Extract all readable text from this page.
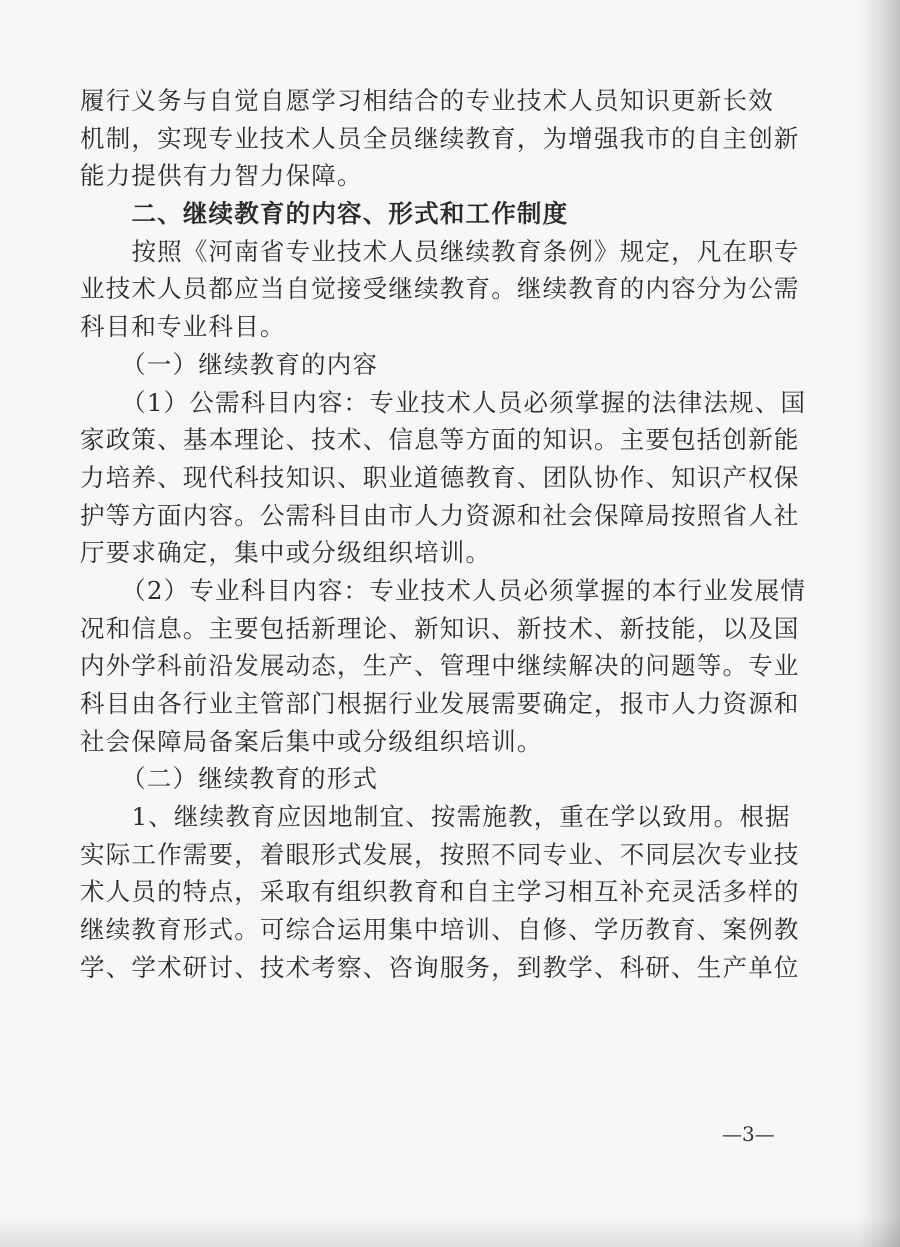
履行义务与自觉自愿学习相结合的专业技术人员知识更新长效
机制，实现专业技术人员全员继续教育，为增强我市的自主创新
能力提供有力智力保障。
二、继续教育的内容、形式和工作制度
按照《河南省专业技术人员继续教育条例》规定，凡在职专
业技术人员都应当自觉接受继续教育。继续教育的内容分为公需
科目和专业科目。
（一）继续教育的内容
（1）公需科目内容：专业技术人员必须掌握的法律法规、国
家政策、基本理论、技术、信息等方面的知识。主要包括创新能
力培养、现代科技知识、职业道德教育、团队协作、知识产权保
护等方面内容。公需科目由市人力资源和社会保障局按照省人社
厅要求确定，集中或分级组织培训。
（2）专业科目内容：专业技术人员必须掌握的本行业发展情
况和信息。主要包括新理论、新知识、新技术、新技能，以及国
内外学科前沿发展动态，生产、管理中继续解决的问题等。专业
科目由各行业主管部门根据行业发展需要确定，报市人力资源和
社会保障局备案后集中或分级组织培训。
（二）继续教育的形式
1、继续教育应因地制宜、按需施教，重在学以致用。根据
实际工作需要，着眼形式发展，按照不同专业、不同层次专业技
术人员的特点，采取有组织教育和自主学习相互补充灵活多样的
继续教育形式。可综合运用集中培训、自修、学历教育、案例教
学、学术研讨、技术考察、咨询服务，到教学、科研、生产单位
—3—
